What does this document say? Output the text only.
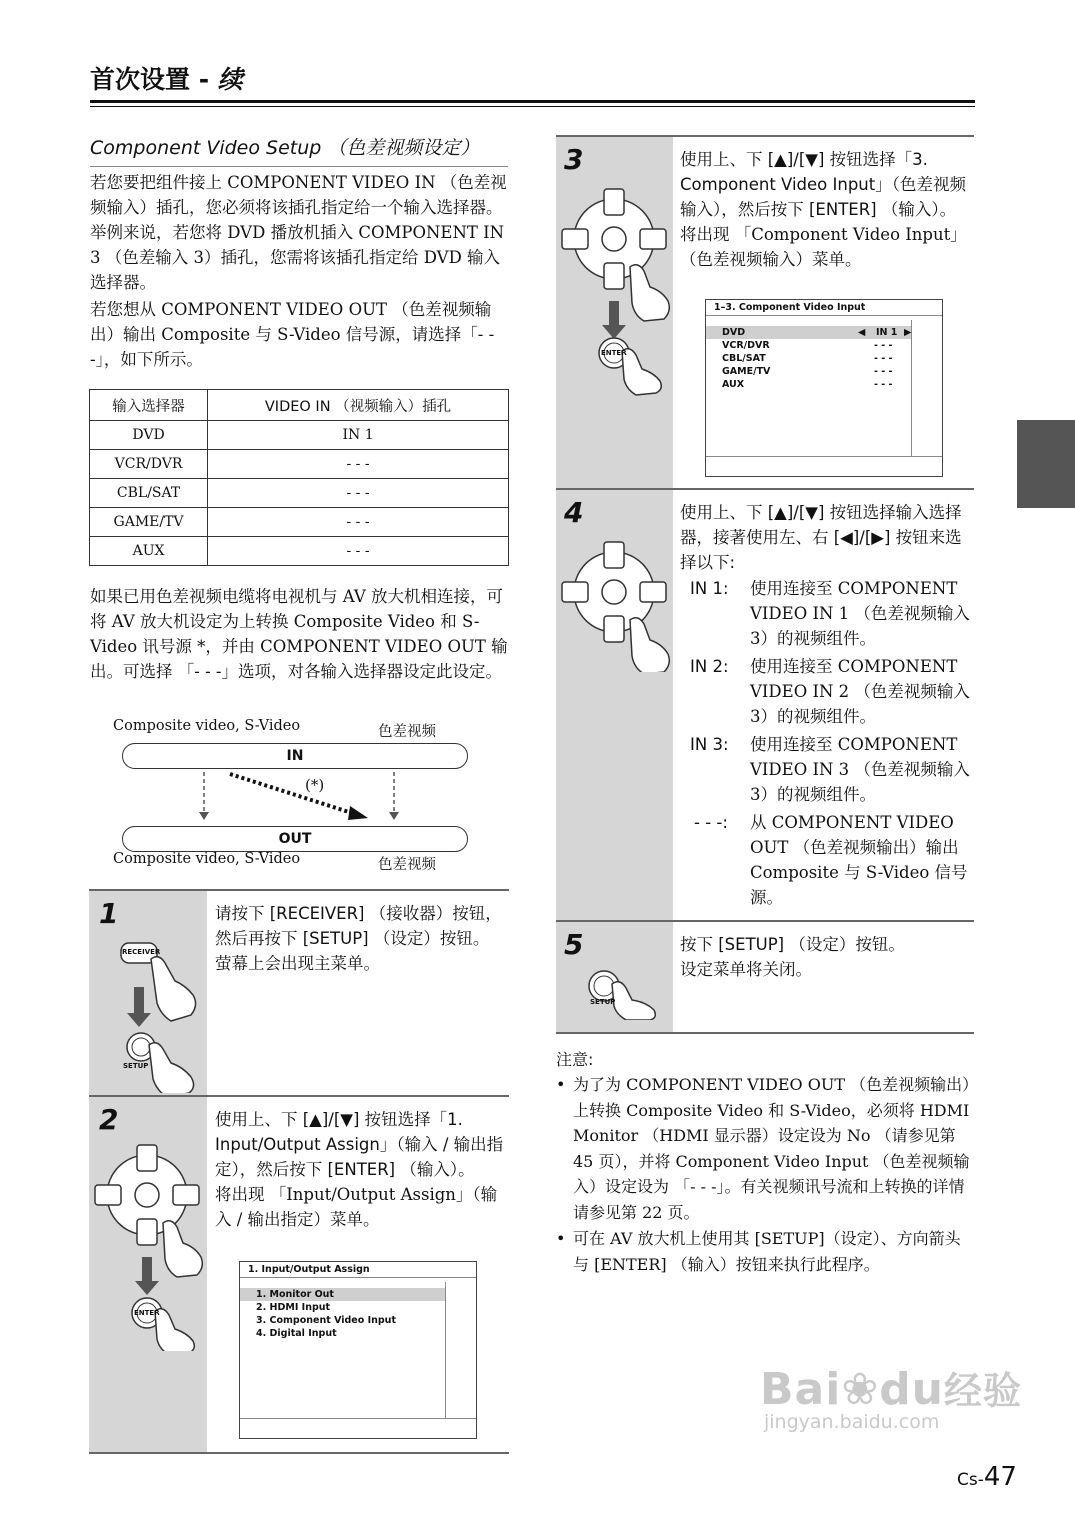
首次设置 - 续
Component Video Setup （色差视频设定）
若您要把组件接上 COMPONENT VIDEO IN （色差视频输入）插孔，您必须将该插孔指定给一个输入选择器。举例来说，若您将 DVD 播放机插入 COMPONENT IN 3 （色差输入 3）插孔，您需将该插孔指定给 DVD 输入选择器。
若您想从 COMPONENT VIDEO OUT （色差视频输出）输出 Composite 与 S-Video 信号源，请选择「- - -」，如下所示。
输入选择器	VIDEO IN （视频输入）插孔
DVD	IN 1
VCR/DVR	- - -
CBL/SAT	- - -
GAME/TV	- - -
AUX	- - -
如果已用色差视频电缆将电视机与 AV 放大机相连接，可将 AV 放大机设定为上转换 Composite Video 和 S-Video 讯号源 *，并由 COMPONENT VIDEO OUT 输出。可选择 「- - -」选项，对各输入选择器设定此设定。
Composite video, S-Video	色差视频
IN
(*)
OUT
Composite video, S-Video	色差视频
1
RECEIVER
SETUP
请按下 [RECEIVER] （接收器）按钮，然后再按下 [SETUP] （设定）按钮。
萤幕上会出现主菜单。
2
ENTER
使用上、下 [▲]/[▼] 按钮选择「1. Input/Output Assign」（输入 / 输出指定），然后按下 [ENTER] （输入）。
将出现 「Input/Output Assign」（输入 / 输出指定）菜单。
1. Input/Output Assign
1. Monitor Out
2. HDMI Input
3. Component Video Input
4. Digital Input
3
ENTER
使用上、下 [▲]/[▼] 按钮选择「3. Component Video Input」（色差视频输入），然后按下 [ENTER] （输入）。
将出现 「Component Video Input」（色差视频输入）菜单。
1–3. Component Video Input
DVD	◀ IN 1 ▶
VCR/DVR	- - -
CBL/SAT	- - -
GAME/TV	- - -
AUX	- - -
4	使用上、下 [▲]/[▼] 按钮选择输入选择器，接著使用左、右 [◀]/[▶] 按钮来选择以下:
IN 1:	使用连接至 COMPONENT VIDEO IN 1 （色差视频输入 3）的视频组件。
IN 2:	使用连接至 COMPONENT VIDEO IN 2 （色差视频输入 3）的视频组件。
IN 3:	使用连接至 COMPONENT VIDEO IN 3 （色差视频输入 3）的视频组件。
- - -:	从 COMPONENT VIDEO OUT （色差视频输出）输出 Composite 与 S-Video 信号源。
5
SETUP
按下 [SETUP] （设定）按钮。
设定菜单将关闭。
注意:
• 为了为 COMPONENT VIDEO OUT （色差视频输出）上转换 Composite Video 和 S-Video，必须将 HDMI Monitor （HDMI 显示器）设定设为 No （请参见第 45 页），并将 Component Video Input （色差视频输入）设定设为 「- - -」。有关视频讯号流和上转换的详情请参见第 22 页。
• 可在 AV 放大机上使用其 [SETUP]（设定）、方向箭头与 [ENTER] （输入）按钮来执行此程序。
Bai❀du经验
jingyan.baidu.com
Cs-47
